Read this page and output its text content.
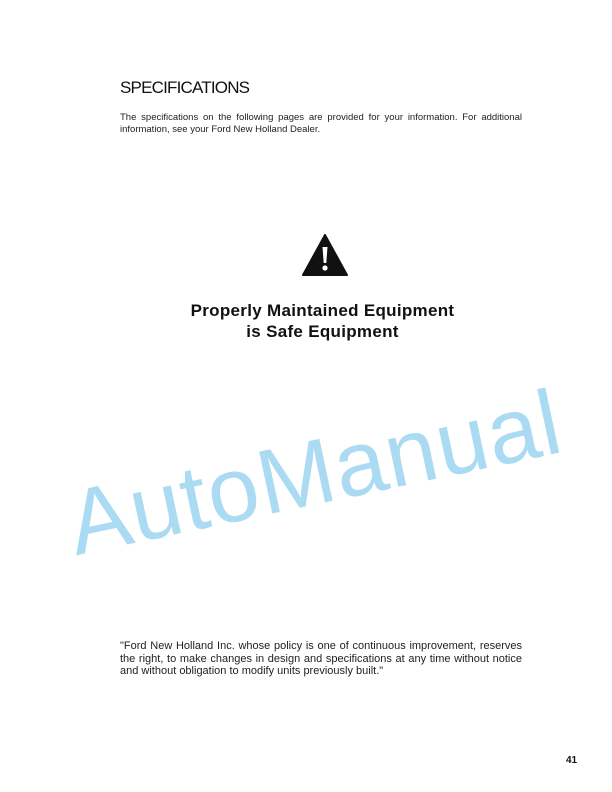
SPECIFICATIONS
The specifications on the following pages are provided for your information. For additional information, see your Ford New Holland Dealer.
Properly Maintained Equipment
is Safe Equipment
AutoManual
"Ford New Holland Inc. whose policy is one of continuous improvement, reserves the right, to make changes in design and specifications at any time without notice and without obligation to modify units previously built."
41
